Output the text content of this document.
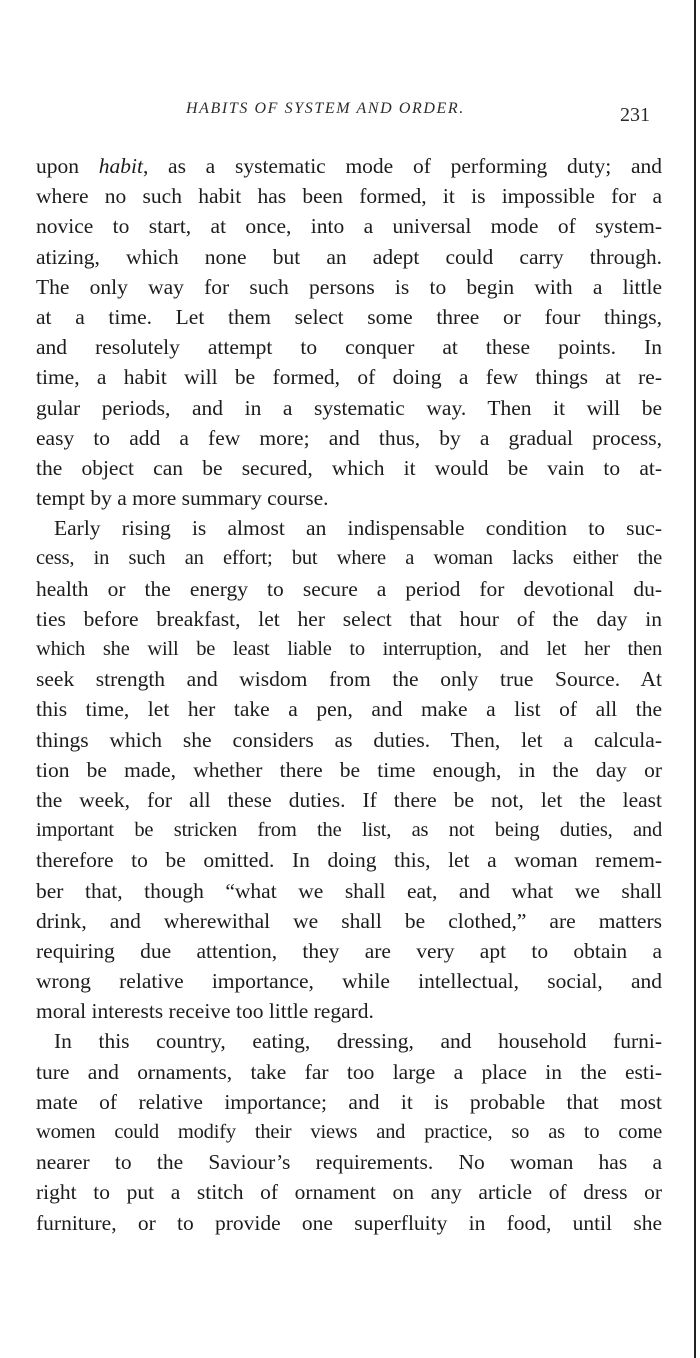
HABITS OF SYSTEM AND ORDER.	231
upon habit, as a systematic mode of performing duty; and
where no such habit has been formed, it is impossible for a
novice to start, at once, into a universal mode of system-
atizing, which none but an adept could carry through.
The only way for such persons is to begin with a little
at a time. Let them select some three or four things,
and resolutely attempt to conquer at these points. In
time, a habit will be formed, of doing a few things at re-
gular periods, and in a systematic way. Then it will be
easy to add a few more; and thus, by a gradual process,
the object can be secured, which it would be vain to at-
tempt by a more summary course.
Early rising is almost an indispensable condition to suc-
cess, in such an effort; but where a woman lacks either the
health or the energy to secure a period for devotional du-
ties before breakfast, let her select that hour of the day in
which she will be least liable to interruption, and let her then
seek strength and wisdom from the only true Source. At
this time, let her take a pen, and make a list of all the
things which she considers as duties. Then, let a calcula-
tion be made, whether there be time enough, in the day or
the week, for all these duties. If there be not, let the least
important be stricken from the list, as not being duties, and
therefore to be omitted. In doing this, let a woman remem-
ber that, though “what we shall eat, and what we shall
drink, and wherewithal we shall be clothed,” are matters
requiring due attention, they are very apt to obtain a
wrong relative importance, while intellectual, social, and
moral interests receive too little regard.
In this country, eating, dressing, and household furni-
ture and ornaments, take far too large a place in the esti-
mate of relative importance; and it is probable that most
women could modify their views and practice, so as to come
nearer to the Saviour’s requirements. No woman has a
right to put a stitch of ornament on any article of dress or
furniture, or to provide one superfluity in food, until she
